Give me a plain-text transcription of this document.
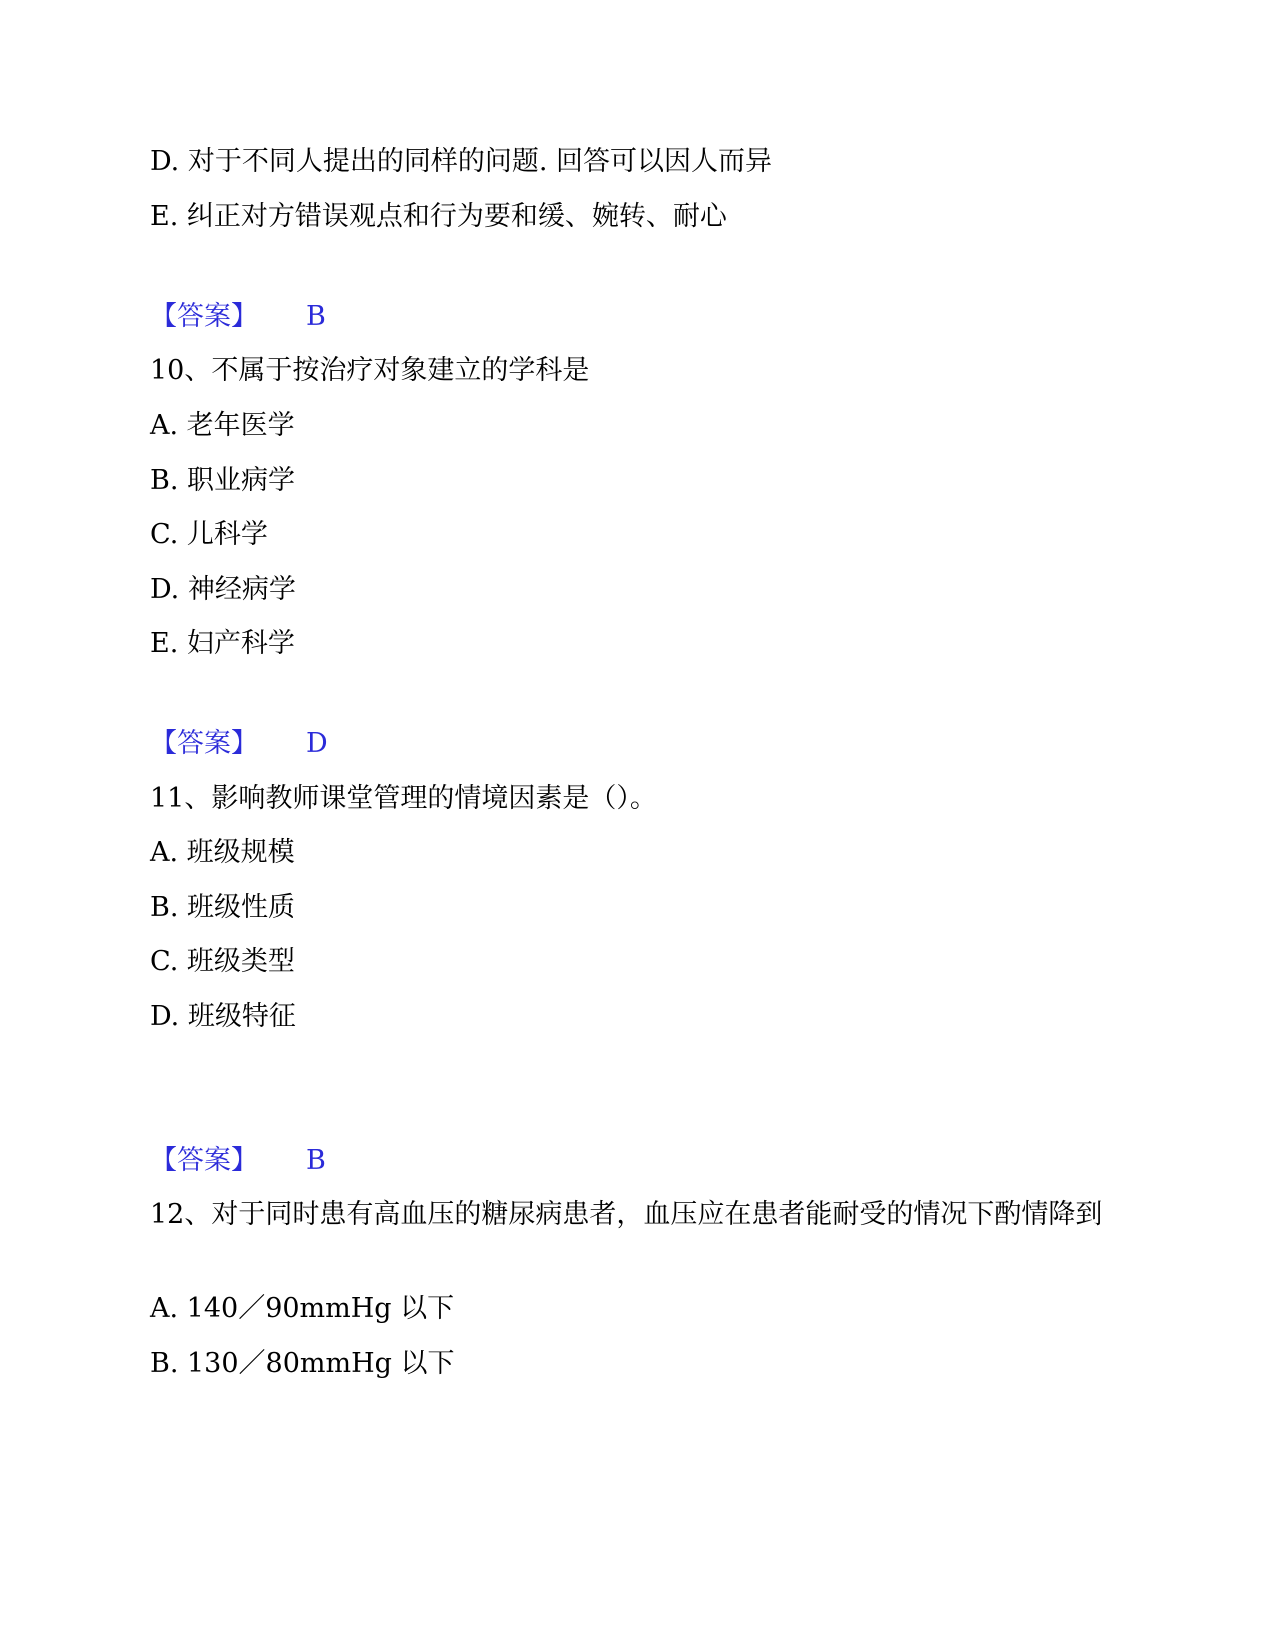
D. 对于不同人提出的同样的问题. 回答可以因人而异
E. 纠正对方错误观点和行为要和缓、婉转、耐心
【答案】 B
10、不属于按治疗对象建立的学科是
A. 老年医学
B. 职业病学
C. 儿科学
D. 神经病学
E. 妇产科学
【答案】 D
11、影响教师课堂管理的情境因素是（）。
A. 班级规模
B. 班级性质
C. 班级类型
D. 班级特征
【答案】 B
12、对于同时患有高血压的糖尿病患者，血压应在患者能耐受的情况下酌情降到
A. 140／90mmHg 以下
B. 130／80mmHg 以下
